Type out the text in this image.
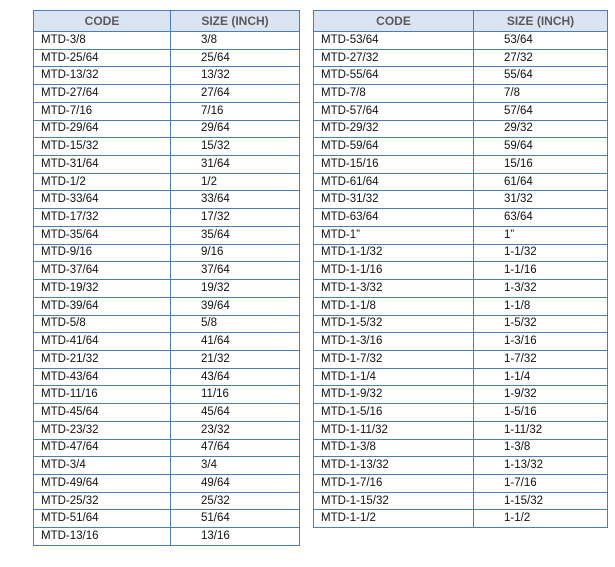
CODE	SIZE (INCH)
MTD-3/8	3/8
MTD-25/64	25/64
MTD-13/32	13/32
MTD-27/64	27/64
MTD-7/16	7/16
MTD-29/64	29/64
MTD-15/32	15/32
MTD-31/64	31/64
MTD-1/2	1/2
MTD-33/64	33/64
MTD-17/32	17/32
MTD-35/64	35/64
MTD-9/16	9/16
MTD-37/64	37/64
MTD-19/32	19/32
MTD-39/64	39/64
MTD-5/8	5/8
MTD-41/64	41/64
MTD-21/32	21/32
MTD-43/64	43/64
MTD-11/16	11/16
MTD-45/64	45/64
MTD-23/32	23/32
MTD-47/64	47/64
MTD-3/4	3/4
MTD-49/64	49/64
MTD-25/32	25/32
MTD-51/64	51/64
MTD-13/16	13/16
CODE	SIZE (INCH)
MTD-53/64	53/64
MTD-27/32	27/32
MTD-55/64	55/64
MTD-7/8	7/8
MTD-57/64	57/64
MTD-29/32	29/32
MTD-59/64	59/64
MTD-15/16	15/16
MTD-61/64	61/64
MTD-31/32	31/32
MTD-63/64	63/64
MTD-1”	1”
MTD-1-1/32	1-1/32
MTD-1-1/16	1-1/16
MTD-1-3/32	1-3/32
MTD-1-1/8	1-1/8
MTD-1-5/32	1-5/32
MTD-1-3/16	1-3/16
MTD-1-7/32	1-7/32
MTD-1-1/4	1-1/4
MTD-1-9/32	1-9/32
MTD-1-5/16	1-5/16
MTD-1-11/32	1-11/32
MTD-1-3/8	1-3/8
MTD-1-13/32	1-13/32
MTD-1-7/16	1-7/16
MTD-1-15/32	1-15/32
MTD-1-1/2	1-1/2
